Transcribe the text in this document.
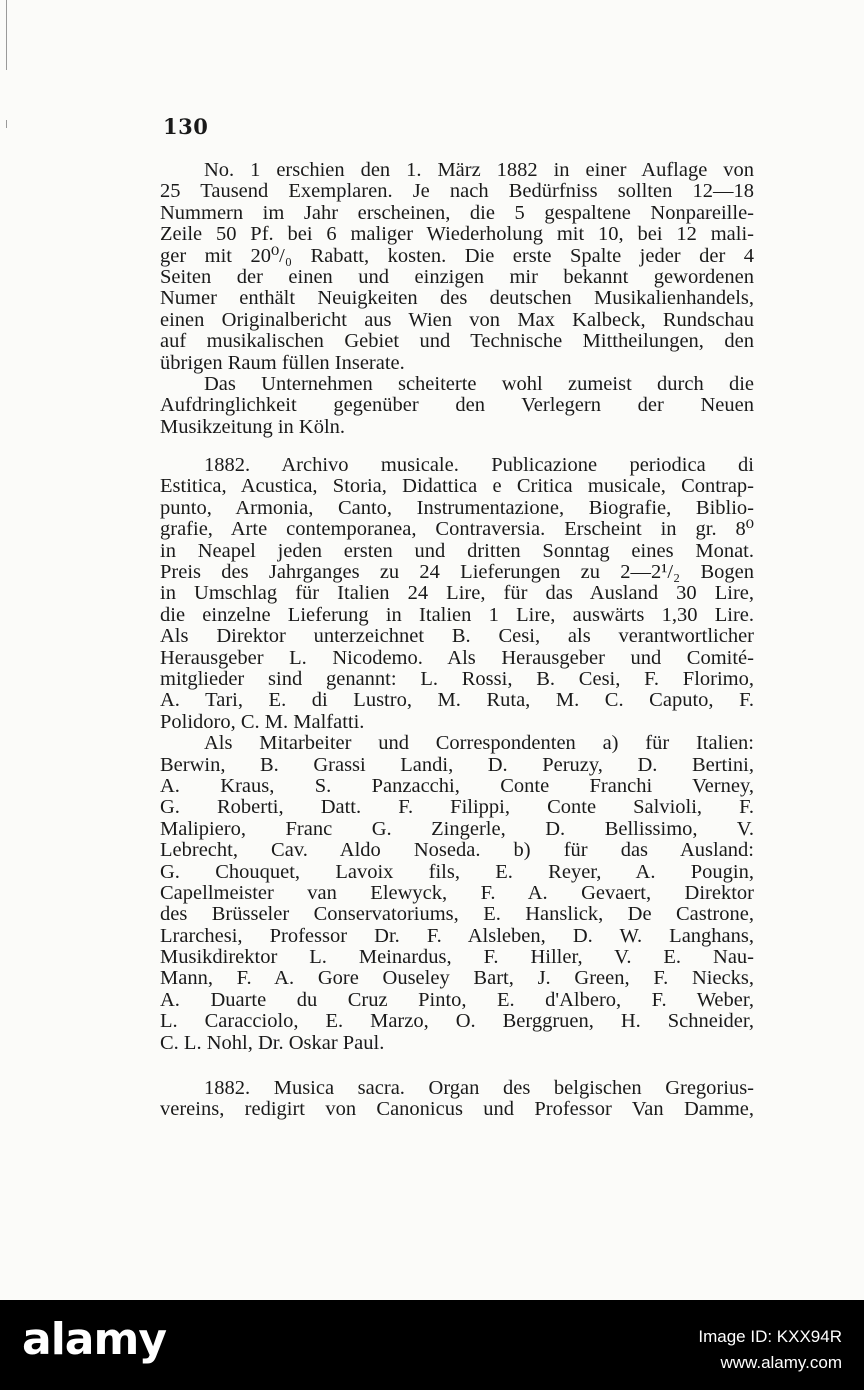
130
No. 1 erschien den 1. März 1882 in einer Auflage von
25 Tausend Exemplaren. Je nach Bedürfniss sollten 12—18
Nummern im Jahr erscheinen, die 5 gespaltene Nonpareille-
Zeile 50 Pf. bei 6 maliger Wiederholung mit 10, bei 12 mali-
ger mit 20⁰/₀ Rabatt, kosten. Die erste Spalte jeder der 4
Seiten der einen und einzigen mir bekannt gewordenen
Numer enthält Neuigkeiten des deutschen Musikalienhandels,
einen Originalbericht aus Wien von Max Kalbeck, Rundschau
auf musikalischen Gebiet und Technische Mittheilungen, den
übrigen Raum füllen Inserate.
Das Unternehmen scheiterte wohl zumeist durch die
Aufdringlichkeit gegenüber den Verlegern der Neuen
Musikzeitung in Köln.
1882. Archivo musicale. Publicazione periodica di
Estitica, Acustica, Storia, Didattica e Critica musicale, Contrap-
punto, Armonia, Canto, Instrumentazione, Biografie, Biblio-
grafie, Arte contemporanea, Contraversia. Erscheint in gr. 8⁰
in Neapel jeden ersten und dritten Sonntag eines Monat.
Preis des Jahrganges zu 24 Lieferungen zu 2—2¹/₂ Bogen
in Umschlag für Italien 24 Lire, für das Ausland 30 Lire,
die einzelne Lieferung in Italien 1 Lire, auswärts 1,30 Lire.
Als Direktor unterzeichnet B. Cesi, als verantwortlicher
Herausgeber L. Nicodemo. Als Herausgeber und Comité-
mitglieder sind genannt: L. Rossi, B. Cesi, F. Florimo,
A. Tari, E. di Lustro, M. Ruta, M. C. Caputo, F.
Polidoro, C. M. Malfatti.
Als Mitarbeiter und Correspondenten a) für Italien:
Berwin, B. Grassi Landi, D. Peruzy, D. Bertini,
A. Kraus, S. Panzacchi, Conte Franchi Verney,
G. Roberti, Datt. F. Filippi, Conte Salvioli, F.
Malipiero, Franc G. Zingerle, D. Bellissimo, V.
Lebrecht, Cav. Aldo Noseda. b) für das Ausland:
G. Chouquet, Lavoix fils, E. Reyer, A. Pougin,
Capellmeister van Elewyck, F. A. Gevaert, Direktor
des Brüsseler Conservatoriums, E. Hanslick, De Castrone,
Lrarchesi, Professor Dr. F. Alsleben, D. W. Langhans,
Musikdirektor L. Meinardus, F. Hiller, V. E. Nau-
Mann, F. A. Gore Ouseley Bart, J. Green, F. Niecks,
A. Duarte du Cruz Pinto, E. d'Albero, F. Weber,
L. Caracciolo, E. Marzo, O. Berggruen, H. Schneider,
C. L. Nohl, Dr. Oskar Paul.
1882. Musica sacra. Organ des belgischen Gregorius-
vereins, redigirt von Canonicus und Professor Van Damme,
alamy	Image ID: KXX94R
www.alamy.com
